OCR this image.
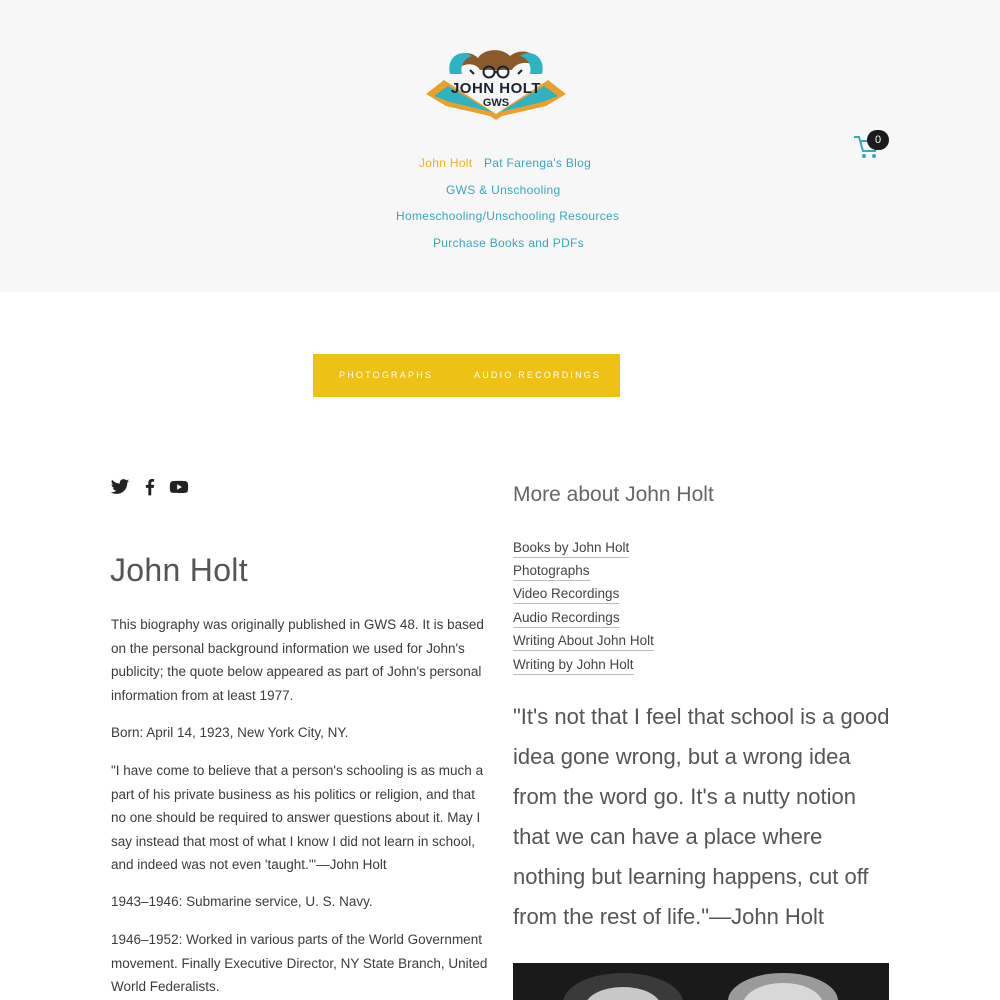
JOHN HOLT
GWS
John Holt Pat Farenga's Blog
GWS & Unschooling
Homeschooling/Unschooling Resources
Purchase Books and PDFs
0
PHOTOGRAPHS	AUDIO RECORDINGS
John Holt

This biography was originally published in GWS 48. It is based on the personal background information we used for John's publicity; the quote below appeared as part of John's personal information from at least 1977.

Born: April 14, 1923, New York City, NY.

"I have come to believe that a person's schooling is as much a part of his private business as his politics or religion, and that no one should be required to answer questions about it. May I say instead that most of what I know I did not learn in school, and indeed was not even 'taught.'"—John Holt

1943–1946: Submarine service, U. S. Navy.

1946–1952: Worked in various parts of the World Government movement. Finally Executive Director, NY State Branch, United World Federalists.

More about John Holt
Books by John Holt
Photographs
Video Recordings
Audio Recordings
Writing About John Holt
Writing by John Holt

"It's not that I feel that school is a good idea gone wrong, but a wrong idea from the word go. It's a nutty notion that we can have a place where nothing but learning happens, cut off from the rest of life."—John Holt
